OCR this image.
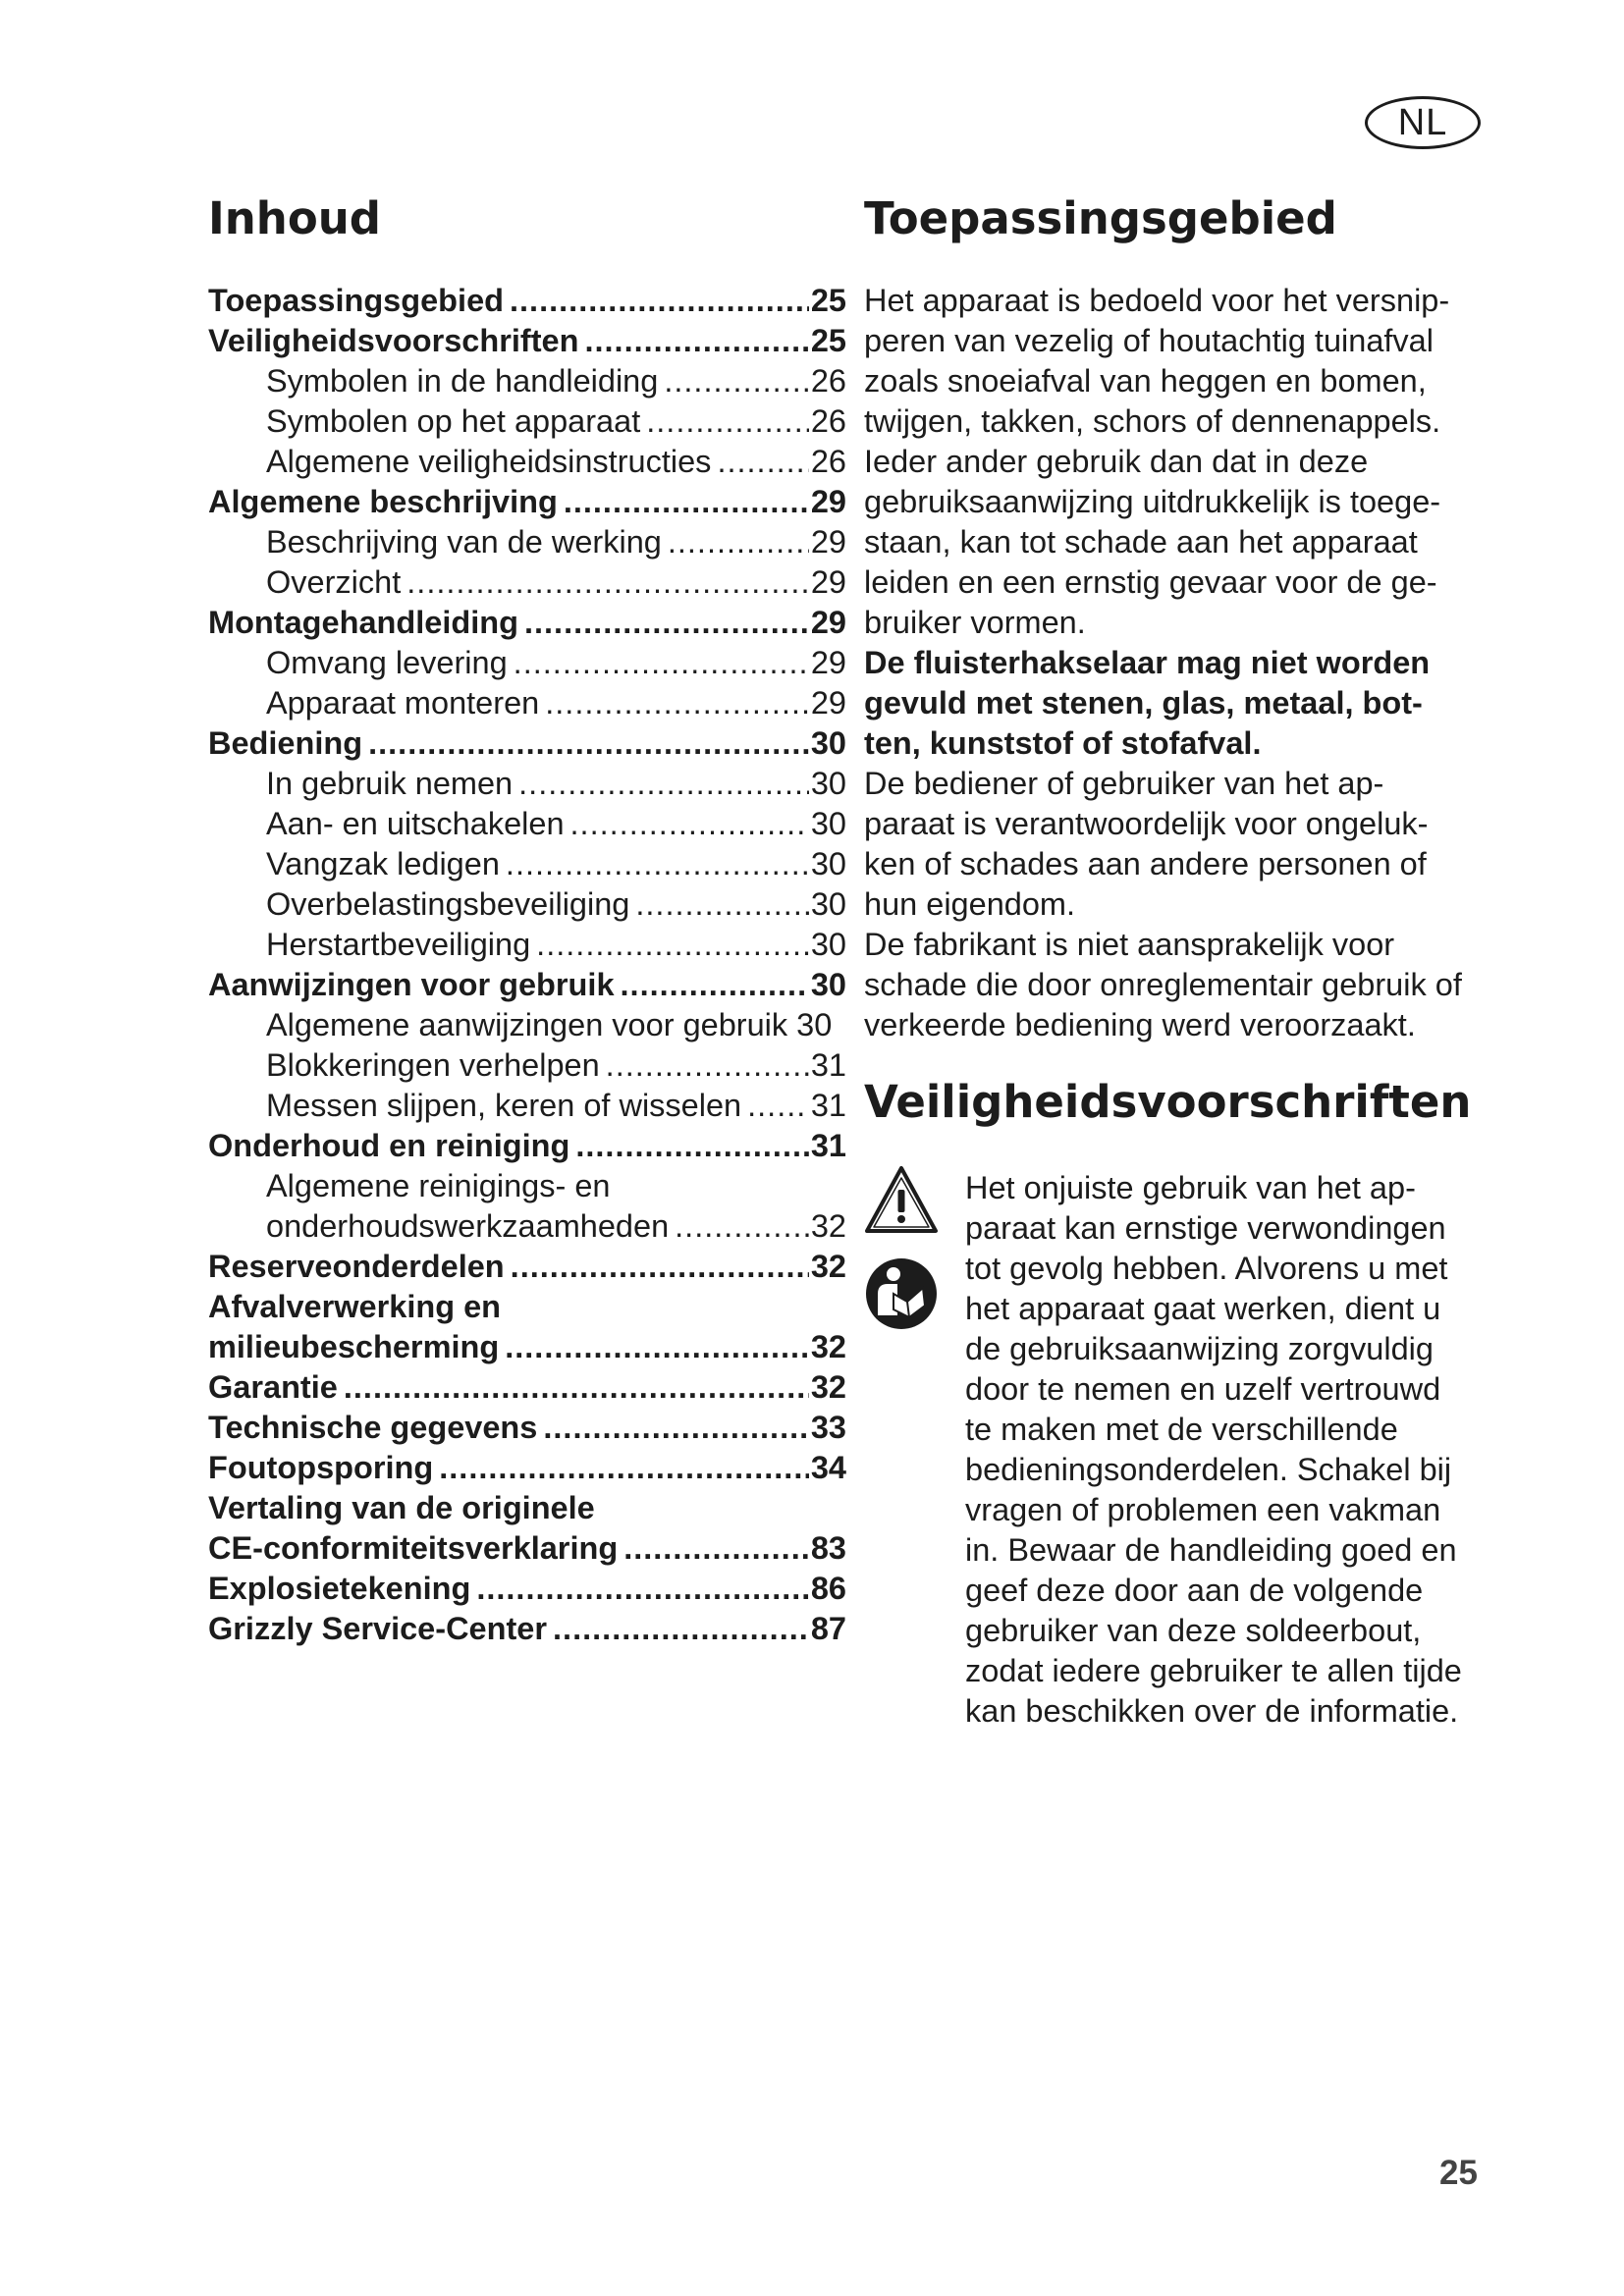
NL
Inhoud	Toepassingsgebied
Veiligheidsvoorschriften
Toepassingsgebied .....	25
Veiligheidsvoorschriften .....	25
Symbolen in de handleiding .....	26
Symbolen op het apparaat .....	26
Algemene veiligheidsinstructies .....	26
Algemene beschrijving .....	29
Beschrijving van de werking .....	29
Overzicht .....	29
Montagehandleiding .....	29
Omvang levering .....	29
Apparaat monteren .....	29
Bediening .....	30
In gebruik nemen .....	30
Aan- en uitschakelen .....	30
Vangzak ledigen .....	30
Overbelastingsbeveiliging .....	30
Herstartbeveiliging .....	30
Aanwijzingen voor gebruik .....	30
Algemene aanwijzingen voor gebruik 30
Blokkeringen verhelpen .....	31
Messen slijpen, keren of wisselen ..... 31
Onderhoud en reiniging .....	31
Algemene reinigings- en
onderhoudswerkzaamheden .....	32
Reserveonderdelen .....	32
Afvalverwerking en
milieubescherming .....	32
Garantie .....	32
Technische gegevens .....	33
Foutopsporing .....	34
Vertaling van de originele
CE-conformiteitsverklaring .....	83
Explosietekening .....	86
Grizzly Service-Center .....	87
Het apparaat is bedoeld voor het versnip-
peren van vezelig of houtachtig tuinafval
zoals snoeiafval van heggen en bomen,
twijgen, takken, schors of dennenappels.
Ieder ander gebruik dan dat in deze
gebruiksaanwijzing uitdrukkelijk is toege-
staan, kan tot schade aan het apparaat
leiden en een ernstig gevaar voor de ge-
bruiker vormen.
De fluisterhakselaar mag niet worden
gevuld met stenen, glas, metaal, bot-
ten, kunststof of stofafval.
De bediener of gebruiker van het ap-
paraat is verantwoordelijk voor ongeluk-
ken of schades aan andere personen of
hun eigendom.
De fabrikant is niet aansprakelijk voor
schade die door onreglementair gebruik of
verkeerde bediening werd veroorzaakt.
Het onjuiste gebruik van het ap-
paraat kan ernstige verwondingen
tot gevolg hebben. Alvorens u met
het apparaat gaat werken, dient u
de gebruiksaanwijzing zorgvuldig
door te nemen en uzelf vertrouwd
te maken met de verschillende
bedieningsonderdelen. Schakel bij
vragen of problemen een vakman
in. Bewaar de handleiding goed en
geef deze door aan de volgende
gebruiker van deze soldeerbout,
zodat iedere gebruiker te allen tijde
kan beschikken over de informatie.
25
